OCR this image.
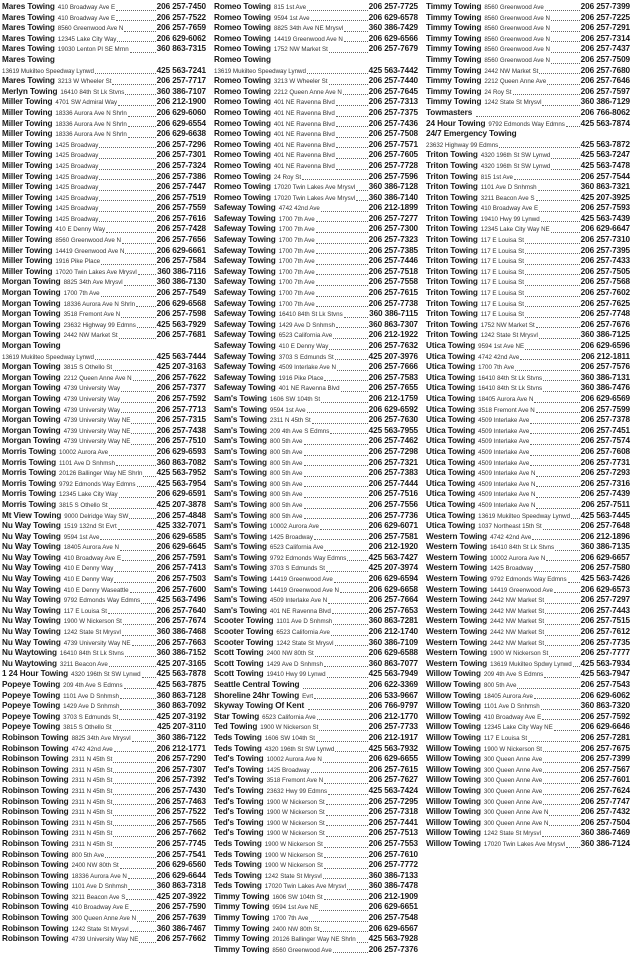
Mares Towing 410 Broadway Ave E	206 257-7450
Mares Towing 410 Broadway Ave E	206 257-7522
Mares Towing 8560 Greenwood Ave N	206 257-7659
Mares Towing 12345 Lake City Way	206 629-6062
Mares Towing 19030 Lenton Pl SE Mrnn	360 863-7315
Mares Towing
13619 Mukilteo Speedway Lynwd	425 563-7241
Mares Towing 3213 W Wheeler St	206 257-7717
Merlyn Towing 16410 84th St Lk Stvns	360 386-7107
Miller Towing 4701 SW Admiral Way	206 212-1900
Miller Towing 18336 Aurora Ave N Shrln	206 629-6060
Miller Towing 18336 Aurora Ave N Shrln	206 629-6554
Miller Towing 18336 Aurora Ave N Shrln	206 629-6638
Miller Towing 1425 Broadway	206 257-7296
Miller Towing 1425 Broadway	206 257-7301
Miller Towing 1425 Broadway	206 257-7324
Miller Towing 1425 Broadway	206 257-7386
Miller Towing 1425 Broadway	206 257-7447
Miller Towing 1425 Broadway	206 257-7519
Miller Towing 1425 Broadway	206 257-7559
Miller Towing 1425 Broadway	206 257-7616
Miller Towing 410 E Denny Way	206 257-7428
Miller Towing 8560 Greenwood Ave N	206 257-7656
Miller Towing 14419 Greenwood Ave N	206 629-6661
Miller Towing 1916 Pike Place	206 257-7584
Miller Towing 17020 Twin Lakes Ave Mrysvl 360 386-7116
Morgan Towing 8825 34th Ave Mrysvl	360 386-7130
Morgan Towing 1700 7th Ave	206 257-7549
Morgan Towing 18336 Aurora Ave N Shrln	206 629-6568
Morgan Towing 3518 Fremont Ave N	206 257-7598
Morgan Towing 23632 Highway 99 Edmns	425 563-7929
Morgan Towing 2442 NW Market St	206 257-7681
Morgan Towing
13619 Mukilteo Speedway Lynwd	425 563-7444
Morgan Towing 3815 S Othello St	425 207-3163
Morgan Towing 2212 Queen Anne Ave N	206 257-7622
Morgan Towing 4739 University Way	206 257-7377
Morgan Towing 4739 University Way	206 257-7592
Morgan Towing 4739 University Way	206 257-7713
Morgan Towing 4739 University Way NE	206 257-7315
Morgan Towing 4739 University Way NE	206 257-7438
Morgan Towing 4739 University Way NE	206 257-7510
Morris Towing 10002 Aurora Ave	206 629-6593
Morris Towing 1101 Ave D Snhmsh	360 863-7082
Morris Towing 20126 Ballinger Way NE Shrln 425 563-7952
Morris Towing 9792 Edmonds Way Edmns	425 563-7954
Morris Towing 12345 Lake City Way	206 629-6591
Morris Towing 3815 S Othello St	425 207-3878
Mt View Towing 9000 Delridge Way SW	206 257-4848
Nu Way Towing 1519 132nd St Evrt	425 332-7071
Nu Way Towing 9594 1st Ave	206 629-6585
Nu Way Towing 18405 Aurora Ave N	206 629-6645
Nu Way Towing 410 Broadway Ave E	206 257-7591
Nu Way Towing 410 E Denny Way	206 257-7413
Nu Way Towing 410 E Denny Way	206 257-7503
Nu Way Towing 410 E Denny Waseattle	206 257-7600
Nu Way Towing 9792 Edmonds Way Edmns 425 563-7496
Nu Way Towing 117 E Louisa St	206 257-7640
Nu Way Towing 1900 W Nickerson St	206 257-7674
Nu Way Towing 1242 State St Mrysvl	360 386-7468
Nu Way Towing 4739 University Way NE	206 257-7663
Nu Waytowing 16410 84th St Lk Stvns	360 386-7152
Nu Waytowing 3211 Beacon Ave	425 207-3165
1 24 Hour Towing 4320 196th St SW Lynwd 425 563-7878
Popeye Towing 209 4th Ave S Edmns	425 563-7875
Popeye Towing 1101 Ave D Snhmsh	360 863-7128
Popeye Towing 1429 Ave D Snhmsh	360 863-7092
Popeye Towing 3703 S Edmunds St	425 207-3192
Popeye Towing 3815 S Othello St	425 207-3110
Robinson Towing 8825 34th Ave Mrysvl	360 386-7122
Robinson Towing 4742 42nd Ave	206 212-1771
Robinson Towing 2311 N 45th St	206 257-7290
Robinson Towing 2311 N 45th St	206 257-7307
Robinson Towing 2311 N 45th St	206 257-7392
Robinson Towing 2311 N 45th St	206 257-7430
Robinson Towing 2311 N 45th St	206 257-7463
Robinson Towing 2311 N 45th St	206 257-7522
Robinson Towing 2311 N 45th St	206 257-7565
Robinson Towing 2311 N 45th St	206 257-7662
Robinson Towing 2311 N 45th St	206 257-7745
Robinson Towing 800 5th Ave	206 257-7541
Robinson Towing 2400 NW 80th St	206 629-6560
Robinson Towing 18336 Aurora Ave N	206 629-6644
Robinson Towing 1101 Ave D Snhmsh	360 863-7318
Robinson Towing 3211 Beacon Ave S	425 207-3922
Robinson Towing 410 Broadway Ave E	206 257-7590
Robinson Towing 300 Queen Anne Ave N	206 257-7639
Robinson Towing 1242 State St Mrysvl	360 386-7467
Robinson Towing 4739 University Way NE 206 257-7662
Romeo Towing 815 1st Ave	206 257-7725
Romeo Towing 9594 1st Ave	206 629-6578
Romeo Towing 8825 34th Ave NE Mrysvl	360 386-7429
Romeo Towing 14419 Greenwood Ave N	206 629-6566
Romeo Towing 1752 NW Market St	206 257-7679
Romeo Towing
13619 Mukilteo Speedway Lynwd	425 563-7442
Romeo Towing 3213 W Wheeler St	206 257-7440
Romeo Towing 2212 Queen Anne Ave N	206 257-7645
Romeo Towing 401 NE Ravenna Blvd	206 257-7313
Romeo Towing 401 NE Ravenna Blvd	206 257-7375
Romeo Towing 401 NE Ravenna Blvd	206 257-7436
Romeo Towing 401 NE Ravenna Blvd	206 257-7508
Romeo Towing 401 NE Ravenna Blvd	206 257-7571
Romeo Towing 401 NE Ravenna Blvd	206 257-7605
Romeo Towing 401 NE Ravenna Blvd	206 257-7728
Romeo Towing 24 Roy St	206 257-7596
Romeo Towing 17020 Twin Lakes Ave Mrysvl 360 386-7128
Romeo Towing 17020 Twin Lakes Ave Mrysvl 360 386-7140
Safeway Towing 4742 42nd Ave	206 212-1899
Safeway Towing 1700 7th Ave	206 257-7277
Safeway Towing 1700 7th Ave	206 257-7300
Safeway Towing 1700 7th Ave	206 257-7323
Safeway Towing 1700 7th Ave	206 257-7385
Safeway Towing 1700 7th Ave	206 257-7446
Safeway Towing 1700 7th Ave	206 257-7518
Safeway Towing 1700 7th Ave	206 257-7558
Safeway Towing 1700 7th Ave	206 257-7615
Safeway Towing 1700 7th Ave	206 257-7738
Safeway Towing 16410 84th St Lk Stvns	360 386-7115
Safeway Towing 1429 Ave D Snhmsh	360 863-7307
Safeway Towing 6523 California Ave	206 212-1922
Safeway Towing 410 E Denny Way	206 257-7632
Safeway Towing 3703 S Edmunds St	425 207-3976
Safeway Towing 4509 Interlake Ave N	206 257-7666
Safeway Towing 1916 Pike Place	206 257-7583
Safeway Towing 401 NE Ravenna Blvd	206 257-7655
Sam's Towing 1606 SW 104th St	206 212-1759
Sam's Towing 9594 1st Ave	206 629-6592
Sam's Towing 2311 N 45th St	206 257-7630
Sam's Towing 209 4th Ave S Edmns	425 563-7955
Sam's Towing 800 5th Ave	206 257-7462
Sam's Towing 800 5th Ave	206 257-7298
Sam's Towing 800 5th Ave	206 257-7321
Sam's Towing 800 5th Ave	206 257-7383
Sam's Towing 800 5th Ave	206 257-7444
Sam's Towing 800 5th Ave	206 257-7516
Sam's Towing 800 5th Ave	206 257-7556
Sam's Towing 800 5th Ave	206 257-7736
Sam's Towing 10002 Aurora Ave	206 629-6071
Sam's Towing 1425 Broadway	206 257-7581
Sam's Towing 6523 California Ave	206 212-1920
Sam's Towing 9792 Edmonds Way Edmns	425 563-7427
Sam's Towing 3703 S Edmunds St	425 207-3974
Sam's Towing 14419 Greenwood Ave	206 629-6594
Sam's Towing 14419 Greenwood Ave N	206 629-6658
Sam's Towing 4509 Interlake Ave N	206 257-7664
Sam's Towing 401 NE Ravenna Blvd	206 257-7653
Scooter Towing 1101 Ave D Snhmsh	360 863-7281
Scooter Towing 6523 California Ave	206 212-1740
Scooter Towing 1242 State St Mrysvl	360 386-7109
Scott Towing 2400 NW 80th St	206 629-6588
Scott Towing 1429 Ave D Snhmsh	360 863-7077
Scott Towing 19410 Hwy 99 Lynwd	425 563-7949
Seattle Central Towing	206 622-3369
Shoreline 24hr Towing Evrt	206 533-9667
Skyway Towing Of Kent	206 766-9797
Star Towing 6523 California Ave	206 212-1770
Ted Towing 1900 W Nickerson St	206 257-7733
Teds Towing 1606 SW 104th St	206 212-1917
Teds Towing 4320 196th St SW Lynwd	425 563-7932
Ted's Towing 10002 Aurora Ave N	206 629-6655
Ted's Towing 1425 Broadway	206 257-7615
Ted's Towing 3518 Fremont Ave N	206 257-7627
Ted's Towing 23632 Hwy 99 Edmns	425 563-7424
Ted's Towing 1900 W Nickerson St	206 257-7295
Ted's Towing 1900 W Nickerson St	206 257-7318
Ted's Towing 1900 W Nickerson St	206 257-7441
Ted's Towing 1900 W Nickerson St	206 257-7513
Teds Towing 1900 W Nickerson St	206 257-7553
Teds Towing 1900 W Nickerson St	206 257-7610
Teds Towing 1900 W Nickerson St	206 257-7772
Teds Towing 1242 State St Mrysvl	360 386-7133
Teds Towing 17020 Twin Lakes Ave Mrysvl	360 386-7478
Timmy Towing 1606 SW 104th St	206 212-1909
Timmy Towing 9594 1st Ave NE	206 629-6651
Timmy Towing 1700 7th Ave	206 257-7548
Timmy Towing 2400 NW 80th St	206 629-6567
Timmy Towing 20126 Ballinger Way NE Shrln 425 563-7928
Timmy Towing 8560 Greenwood Ave	206 257-7376
Timmy Towing 8560 Greenwood Ave	206 257-7399
Timmy Towing 8560 Greenwood Ave N	206 257-7225
Timmy Towing 8560 Greenwood Ave N	206 257-7291
Timmy Towing 8560 Greenwood Ave N	206 257-7314
Timmy Towing 8560 Greenwood Ave N	206 257-7437
Timmy Towing 8560 Greenwood Ave N	206 257-7509
Timmy Towing 2442 NW Market St	206 257-7680
Timmy Towing 2212 Queen Anne Ave	206 257-7646
Timmy Towing 24 Roy St	206 257-7597
Timmy Towing 1242 State St Mrysvl	360 386-7129
Towmasters	206 766-8062
24 Hour Towing 9792 Edmonds Way Edmns 425 563-7874
24/7 Emergency Towing
23632 Highway 99 Edmns	425 563-7872
Triton Towing 4320 196th St SW Lynwd	425 563-7247
Triton Towing 4320 196th St SW Lynwd	425 563-7478
Triton Towing 815 1st Ave	206 257-7544
Triton Towing 1101 Ave D Snhmsh	360 863-7321
Triton Towing 3211 Beacon Ave S	425 207-3925
Triton Towing 410 Broadway Ave E	206 257-7593
Triton Towing 19410 Hwy 99 Lynwd	425 563-7439
Triton Towing 12345 Lake City Way NE	206 629-6647
Triton Towing 117 E Louisa St	206 257-7310
Triton Towing 117 E Louisa St	206 257-7395
Triton Towing 117 E Louisa St	206 257-7433
Triton Towing 117 E Louisa St	206 257-7505
Triton Towing 117 E Louisa St	206 257-7568
Triton Towing 117 E Louisa St	206 257-7602
Triton Towing 117 E Louisa St	206 257-7625
Triton Towing 117 E Louisa St	206 257-7748
Triton Towing 1752 NW Market St	206 257-7676
Triton Towing 1242 State St Mrysvl	360 386-7125
Utica Towing 9594 1st Ave NE	206 629-6596
Utica Towing 4742 42nd Ave	206 212-1811
Utica Towing 1700 7th Ave	206 257-7576
Utica Towing 16410 84th St Lk Stvns	360 386-7131
Utica Towing 16410 84th St Lk Stvns	360 386-7476
Utica Towing 18405 Aurora Ave N	206 629-6569
Utica Towing 3518 Fremont Ave N	206 257-7599
Utica Towing 4509 Interlake Ave	206 257-7378
Utica Towing 4509 Interlake Ave	206 257-7451
Utica Towing 4509 Interlake Ave	206 257-7574
Utica Towing 4509 Interlake Ave	206 257-7608
Utica Towing 4509 Interlake Ave	206 257-7731
Utica Towing 4509 Interlake Ave N	206 257-7293
Utica Towing 4509 Interlake Ave N	206 257-7316
Utica Towing 4509 Interlake Ave N	206 257-7439
Utica Towing 4509 Interlake Ave N	206 257-7511
Utica Towing 13619 Mukilteo Speedway Lynwd 425 563-7445
Utica Towing 1037 Northeast 15th St	206 257-7648
Western Towing 4742 42nd Ave	206 212-1896
Western Towing 16410 84th St Lk Stvns	360 386-7135
Western Towing 10002 Aurora Ave N	206 629-6657
Western Towing 1425 Broadway	206 257-7580
Western Towing 9792 Edmonds Way Edmns 425 563-7426
Western Towing 14419 Greenwood Ave	206 629-6573
Western Towing 2442 NW Market St	206 257-7297
Western Towing 2442 NW Market St	206 257-7443
Western Towing 2442 NW Market St	206 257-7515
Western Towing 2442 NW Market St	206 257-7612
Western Towing 2442 NW Market St	206 257-7735
Western Towing 1900 W Nickerson St	206 257-7777
Western Towing 13619 Mukilteo Spdwy Lynwd 425 563-7934
Willow Towing 209 4th Ave S Edmns	425 563-7947
Willow Towing 800 5th Ave	206 257-7543
Willow Towing 18405 Aurora Ave	206 629-6062
Willow Towing 1101 Ave D Snhmsh	360 863-7320
Willow Towing 410 Broadway Ave E	206 257-7592
Willow Towing 12345 Lake City Way NE	206 629-6646
Willow Towing 117 E Louisa St	206 257-7281
Willow Towing 1900 W Nickerson St	206 257-7675
Willow Towing 300 Queen Anne Ave	206 257-7399
Willow Towing 300 Queen Anne Ave	206 257-7567
Willow Towing 300 Queen Anne Ave	206 257-7601
Willow Towing 300 Queen Anne Ave	206 257-7624
Willow Towing 300 Queen Anne Ave	206 257-7747
Willow Towing 300 Queen Anne Ave N	206 257-7432
Willow Towing 300 Queen Anne Ave N	206 257-7504
Willow Towing 1242 State St Mrysvl	360 386-7469
Willow Towing 17020 Twin Lakes Ave Mrysvl 360 386-7124
